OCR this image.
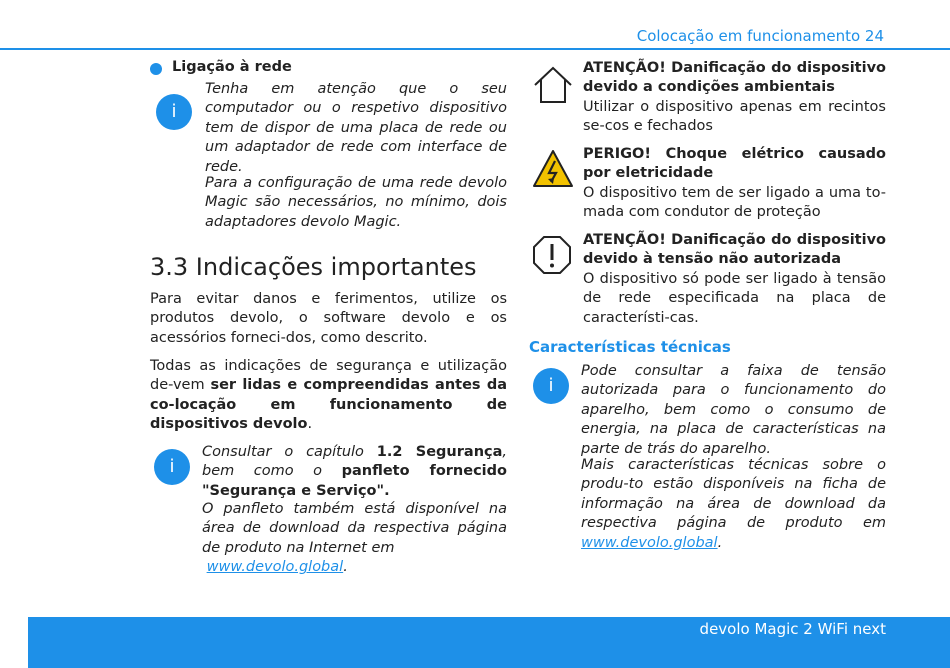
Colocação em funcionamento 24
Ligação à rede
i

Tenha em atenção que o seu computador ou o respetivo dispositivo tem de dispor de uma placa de rede ou um adaptador de rede com interface de rede.

Para a configuração de uma rede devolo Magic são necessários, no mínimo, dois adaptadores devolo Magic.

3.3 Indicações importantes

Para evitar danos e ferimentos, utilize os produtos devolo, o software devolo e os acessórios forneci-dos, como descrito.

Todas as indicações de segurança e utilização de-vem ser lidas e compreendidas antes da co-locação em funcionamento de dispositivos devolo.

i

Consultar o capítulo 1.2 Segurança, bem como o panfleto fornecido "Segurança e Serviço".

O panfleto também está disponível na área de download da respectiva página de produto na Internet em
www.devolo.global.

ATENÇÃO! Danificação do dispositivo devido a condições ambientais
Utilizar o dispositivo apenas em recintos se-cos e fechados
PERIGO! Choque elétrico causado por eletricidade
O dispositivo tem de ser ligado a uma to-mada com condutor de proteção
ATENÇÃO! Danificação do dispositivo devido à tensão não autorizada
O dispositivo só pode ser ligado à tensão de rede especificada na placa de característi-cas.
Características técnicas
i

Pode consultar a faixa de tensão autorizada para o funcionamento do aparelho, bem como o consumo de energia, na placa de características na parte de trás do aparelho.

Mais características técnicas sobre o produ-to estão disponíveis na ficha de informação na área de download da respectiva página de produto em www.devolo.global.

devolo Magic 2 WiFi next
